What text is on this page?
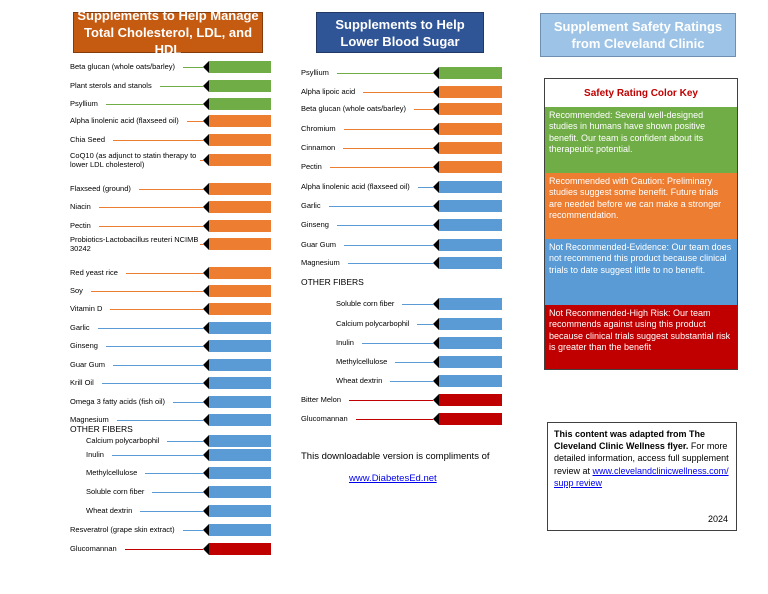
Supplements to Help Manage Total Cholesterol, LDL, and HDL
Supplements to Help Lower Blood Sugar
Supplement Safety Ratings from Cleveland Clinic
Beta glucan (whole oats/barley)
Plant sterols and stanols
Psyllium
Alpha linolenic acid (flaxseed oil)
Chia Seed
CoQ10 (as adjunct to statin therapy to lower LDL cholesterol)
Flaxseed (ground)
Niacin
Pectin
Probiotics-Lactobacillus reuteri NCIMB 30242
Red yeast rice
Soy
Vitamin D
Garlic
Ginseng
Guar Gum
Krill Oil
Omega 3 fatty acids (fish oil)
Magnesium
Calcium polycarbophil
Inulin
Methylcellulose
Soluble corn fiber
Wheat dextrin
Resveratrol (grape skin extract)
Glucomannan
OTHER FIBERS
Psyllium
Alpha lipoic acid
Beta glucan (whole oats/barley)
Chromium
Cinnamon
Pectin
Alpha linolenic acid (flaxseed oil)
Garlic
Ginseng
Guar Gum
Magnesium
Soluble corn fiber
Calcium polycarbophil
Inulin
Methylcellulose
Wheat dextrin
Bitter Melon
Glucomannan
OTHER FIBERS
Safety Rating Color Key
Recommended: Several well-designed studies in humans have shown positive benefit. Our team is confident about its therapeutic potential.
Recommended with Caution: Preliminary studies suggest some benefit. Future trials are needed before we can make a stronger recommendation.
Not Recommended-Evidence: Our team does not recommend this product because clinical trials to date suggest little to no benefit.
Not Recommended-High Risk: Our team recommends against using this product because clinical trials suggest substantial risk is greater than the benefit
This downloadable version is compliments of
www.DiabetesEd.net
This content was adapted from The Cleveland Clinic Wellness flyer. For more detailed information, access full supplement review at www.clevelandclinicwellness.com/supp review
2024
